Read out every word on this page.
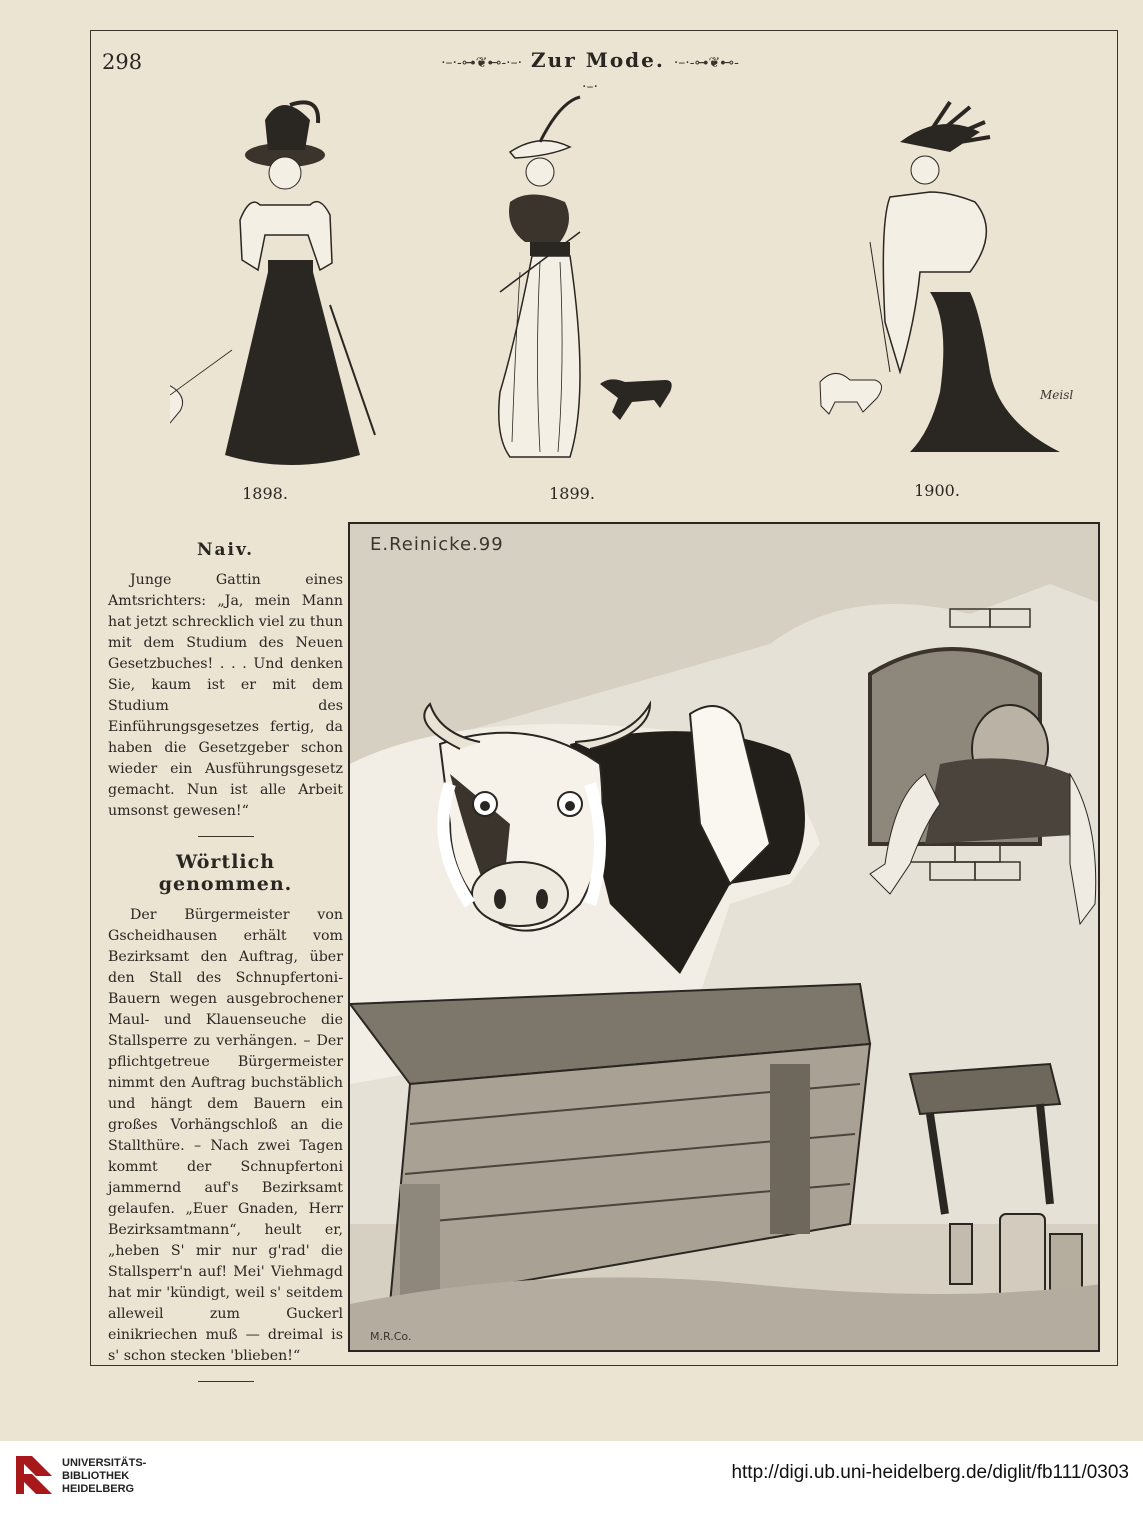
298	·–·-⊶❦⊷-·–· Zur Mode. ·–·-⊶❦⊷-·–·
1898.	1899.	1900.
Meisl
Naiv.

Junge Gattin eines Amtsrichters: „Ja, mein Mann hat jetzt schrecklich viel zu thun mit dem Studium des Neuen Gesetzbuches! . . . Und denken Sie, kaum ist er mit dem Studium des Einführungsgesetzes fertig, da haben die Gesetzgeber schon wieder ein Ausführungsgesetz gemacht. Nun ist alle Arbeit umsonst gewesen!“

Wörtlich genommen.

Der Bürgermeister von Gscheidhausen erhält vom Bezirksamt den Auftrag, über den Stall des Schnupfertoni-Bauern wegen ausgebrochener Maul- und Klauenseuche die Stallsperre zu verhängen. – Der pflichtgetreue Bürgermeister nimmt den Auftrag buchstäblich und hängt dem Bauern ein großes Vorhängschloß an die Stallthüre. – Nach zwei Tagen kommt der Schnupfertoni jammernd auf's Bezirksamt gelaufen. „Euer Gnaden, Herr Bezirksamtmann“, heult er, „heben S' mir nur g'rad' die Stallsperr'n auf! Mei' Viehmagd hat mir 'kündigt, weil s' seitdem alleweil zum Guckerl einikriechen muß — dreimal is s' schon stecken 'blieben!“

E.Reinicke.99
M.R.Co.
UNIVERSITÄTS-
BIBLIOTHEK
HEIDELBERG
http://digi.ub.uni-heidelberg.de/diglit/fb111/0303
